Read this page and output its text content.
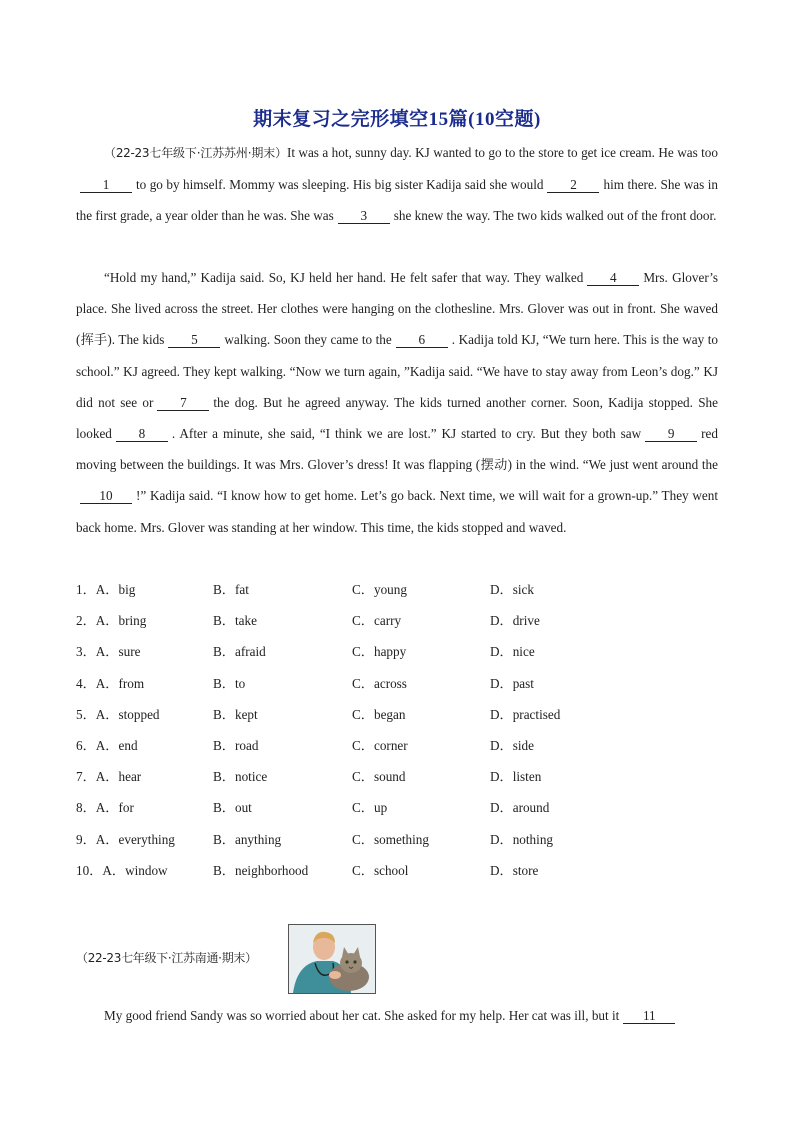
期末复习之完形填空15篇(10空题)
（22-23七年级下·江苏苏州·期末）It was a hot, sunny day. KJ wanted to go to the store to get ice cream. He was too1 to go by himself. Mommy was sleeping. His big sister Kadija said she would 2 him there. She was in the first grade, a year older than he was. She was 3 she knew the way. The two kids walked out of the front door.
“Hold my hand,” Kadija said. So, KJ held her hand. He felt safer that way. They walked 4 Mrs. Glover’s place. She lived across the street. Her clothes were hanging on the clothesline. Mrs. Glover was out in front. She waved (挥手). The kids 5 walking. Soon they came to the 6 . Kadija told KJ, “We turn here. This is the way to school.” KJ agreed. They kept walking. “Now we turn again, ”Kadija said. “We have to stay away from Leon’s dog.” KJ did not see or 7 the dog. But he agreed anyway. The kids turned another corner. Soon, Kadija stopped. She looked 8 . After a minute, she said, “I think we are lost.” KJ started to cry. But they both saw 9 red moving between the buildings. It was Mrs. Glover’s dress! It was flapping (摆动) in the wind. “We just went around the10 !” Kadija said. “I know how to get home. Let’s go back. Next time, we will wait for a grown-up.” They went back home. Mrs. Glover was standing at her window. This time, the kids stopped and waved.
1．A．big	B．fat	C．young	D．sick
2．A．bring	B．take	C．carry	D．drive
3．A．sure	B．afraid	C．happy	D．nice
4．A．from	B．to	C．across	D．past
5．A．stopped	B．kept	C．began	D．practised
6．A．end	B．road	C．corner	D．side
7．A．hear	B．notice	C．sound	D．listen
8．A．for	B．out	C．up	D．around
9．A．everything	B．anything	C．something	D．nothing
10．A．window	B．neighborhood	C．school	D．store
（22-23七年级下·江苏南通·期末）
My good friend Sandy was so worried about her cat. She asked for my help. Her cat was ill, but it 11
